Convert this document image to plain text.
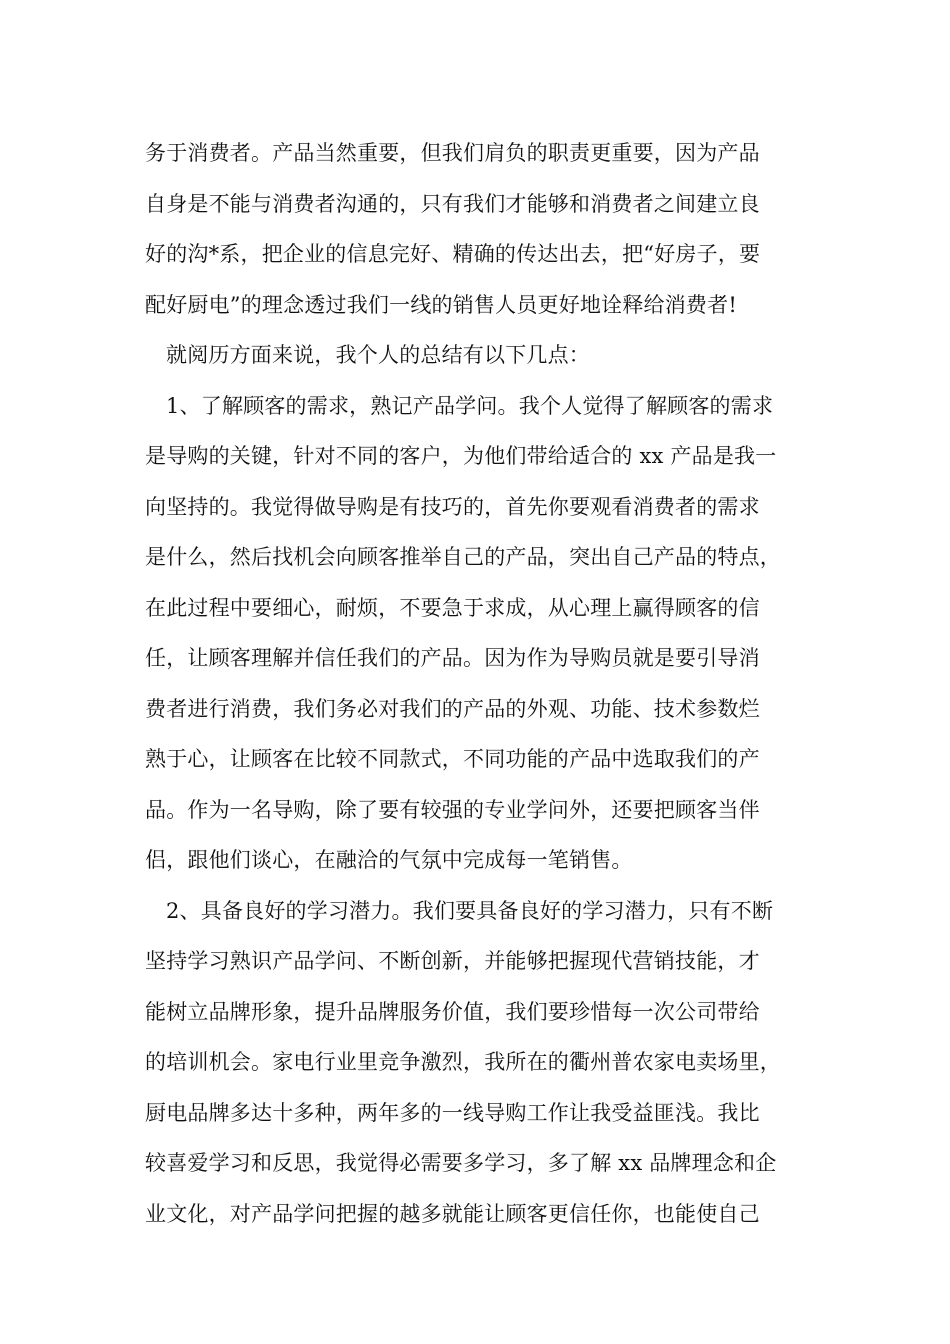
务于消费者。产品当然重要，但我们肩负的职责更重要，因为产品
自身是不能与消费者沟通的，只有我们才能够和消费者之间建立良
好的沟*系，把企业的信息完好、精确的传达出去，把“好房子，要
配好厨电”的理念透过我们一线的销售人员更好地诠释给消费者!
就阅历方面来说，我个人的总结有以下几点：
1、了解顾客的需求，熟记产品学问。我个人觉得了解顾客的需求
是导购的关键，针对不同的客户，为他们带给适合的 xx 产品是我一
向坚持的。我觉得做导购是有技巧的，首先你要观看消费者的需求
是什么，然后找机会向顾客推举自己的产品，突出自己产品的特点，
在此过程中要细心，耐烦，不要急于求成，从心理上赢得顾客的信
任，让顾客理解并信任我们的产品。因为作为导购员就是要引导消
费者进行消费，我们务必对我们的产品的外观、功能、技术参数烂
熟于心，让顾客在比较不同款式，不同功能的产品中选取我们的产
品。作为一名导购，除了要有较强的专业学问外，还要把顾客当伴
侣，跟他们谈心，在融洽的气氛中完成每一笔销售。
2、具备良好的学习潜力。我们要具备良好的学习潜力，只有不断
坚持学习熟识产品学问、不断创新，并能够把握现代营销技能，才
能树立品牌形象，提升品牌服务价值，我们要珍惜每一次公司带给
的培训机会。家电行业里竞争激烈，我所在的衢州普农家电卖场里，
厨电品牌多达十多种，两年多的一线导购工作让我受益匪浅。我比
较喜爱学习和反思，我觉得必需要多学习，多了解 xx 品牌理念和企
业文化，对产品学问把握的越多就能让顾客更信任你，也能使自己
